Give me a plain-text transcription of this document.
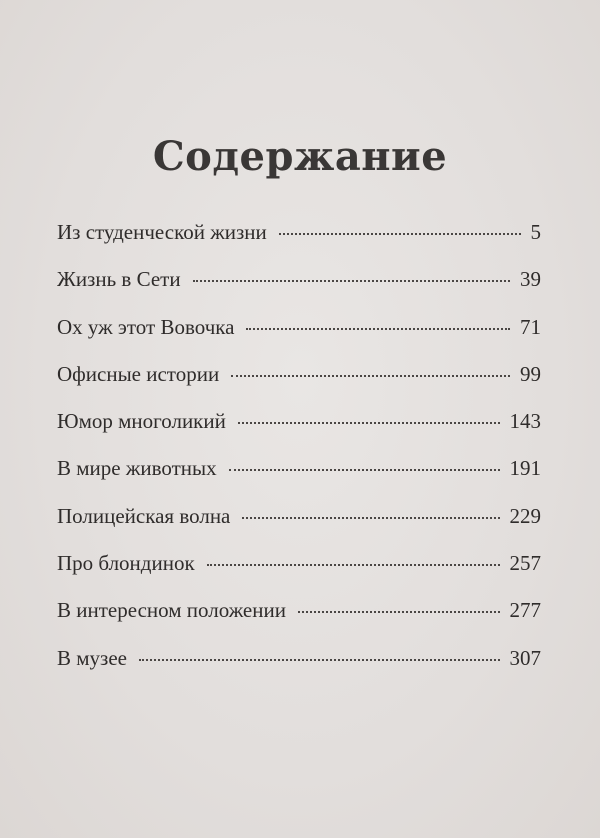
Содержание
Из студенческой жизни	5
Жизнь в Сети	39
Ох уж этот Вовочка	71
Офисные истории	99
Юмор многоликий	143
В мире животных	191
Полицейская волна	229
Про блондинок	257
В интересном положении	277
В музее	307
